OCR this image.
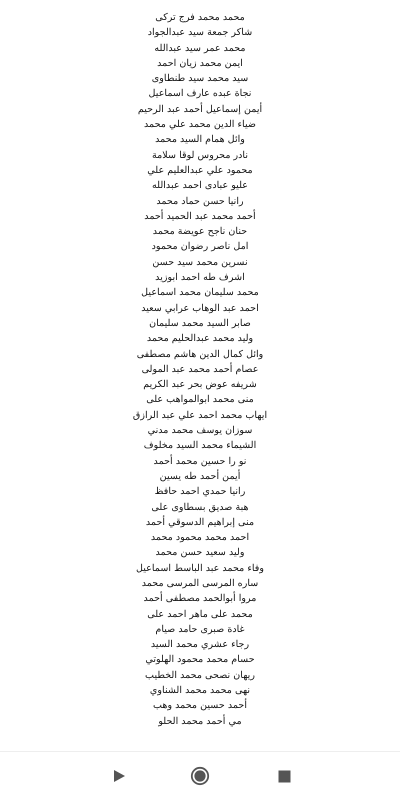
محمد محمد فرج تركى
شاكر جمعة سيد عبدالجواد
محمد عمر سيد عبدالله
ايمن محمد زيان احمد
سيد محمد سيد طنطاوى
نجاة عبده عارف اسماعيل
أيمن إسماعيل أحمد عبد الرحيم
ضياء الدين محمد علي محمد
وائل همام السيد محمد
نادر محروس لوقا سلامة
محمود علي عبدالعليم علي
عليو عبادى احمد عبدالله
رانيا حسن حماد محمد
أحمد محمد عبد الحميد أحمد
حنان ناجح عويضة محمد
امل ناصر رضوان محمود
نسرين محمد سيد حسن
اشرف طه احمد ابوزيد
محمد سليمان محمد اسماعيل
احمد عبد الوهاب عرابي سعيد
صابر السيد محمد سليمان
وليد محمد عبدالحليم محمد
وائل كمال الدين هاشم مصطفى
عصام أحمد محمد عبد المولى
شريفه عوض بحر عبد الكريم
منى محمد ابوالمواهب على
ايهاب محمد احمد علي عبد الرازق
سوزان يوسف محمد مدني
الشيماء محمد السيد مخلوف
نو را حسين محمد أحمد
أيمن أحمد طه يسين
رانيا حمدي احمد حافظ
هبة صديق بسطاوى على
منى إبراهيم الدسوقي أحمد
احمد محمد محمود محمد
وليد سعيد حسن محمد
وفاء محمد عبد الباسط اسماعيل
ساره المرسى المرسى محمد
مروا أبوالحمد مصطفى أحمد
محمد على ماهر احمد على
غادة صبرى حامد صيام
رجاء عشري محمد السيد
حسام محمد محمود الهلوتي
ريهان نصحى محمد الخطيب
نهى محمد محمد الشناوي
أحمد حسين محمد وهب
مي أحمد محمد الحلو
